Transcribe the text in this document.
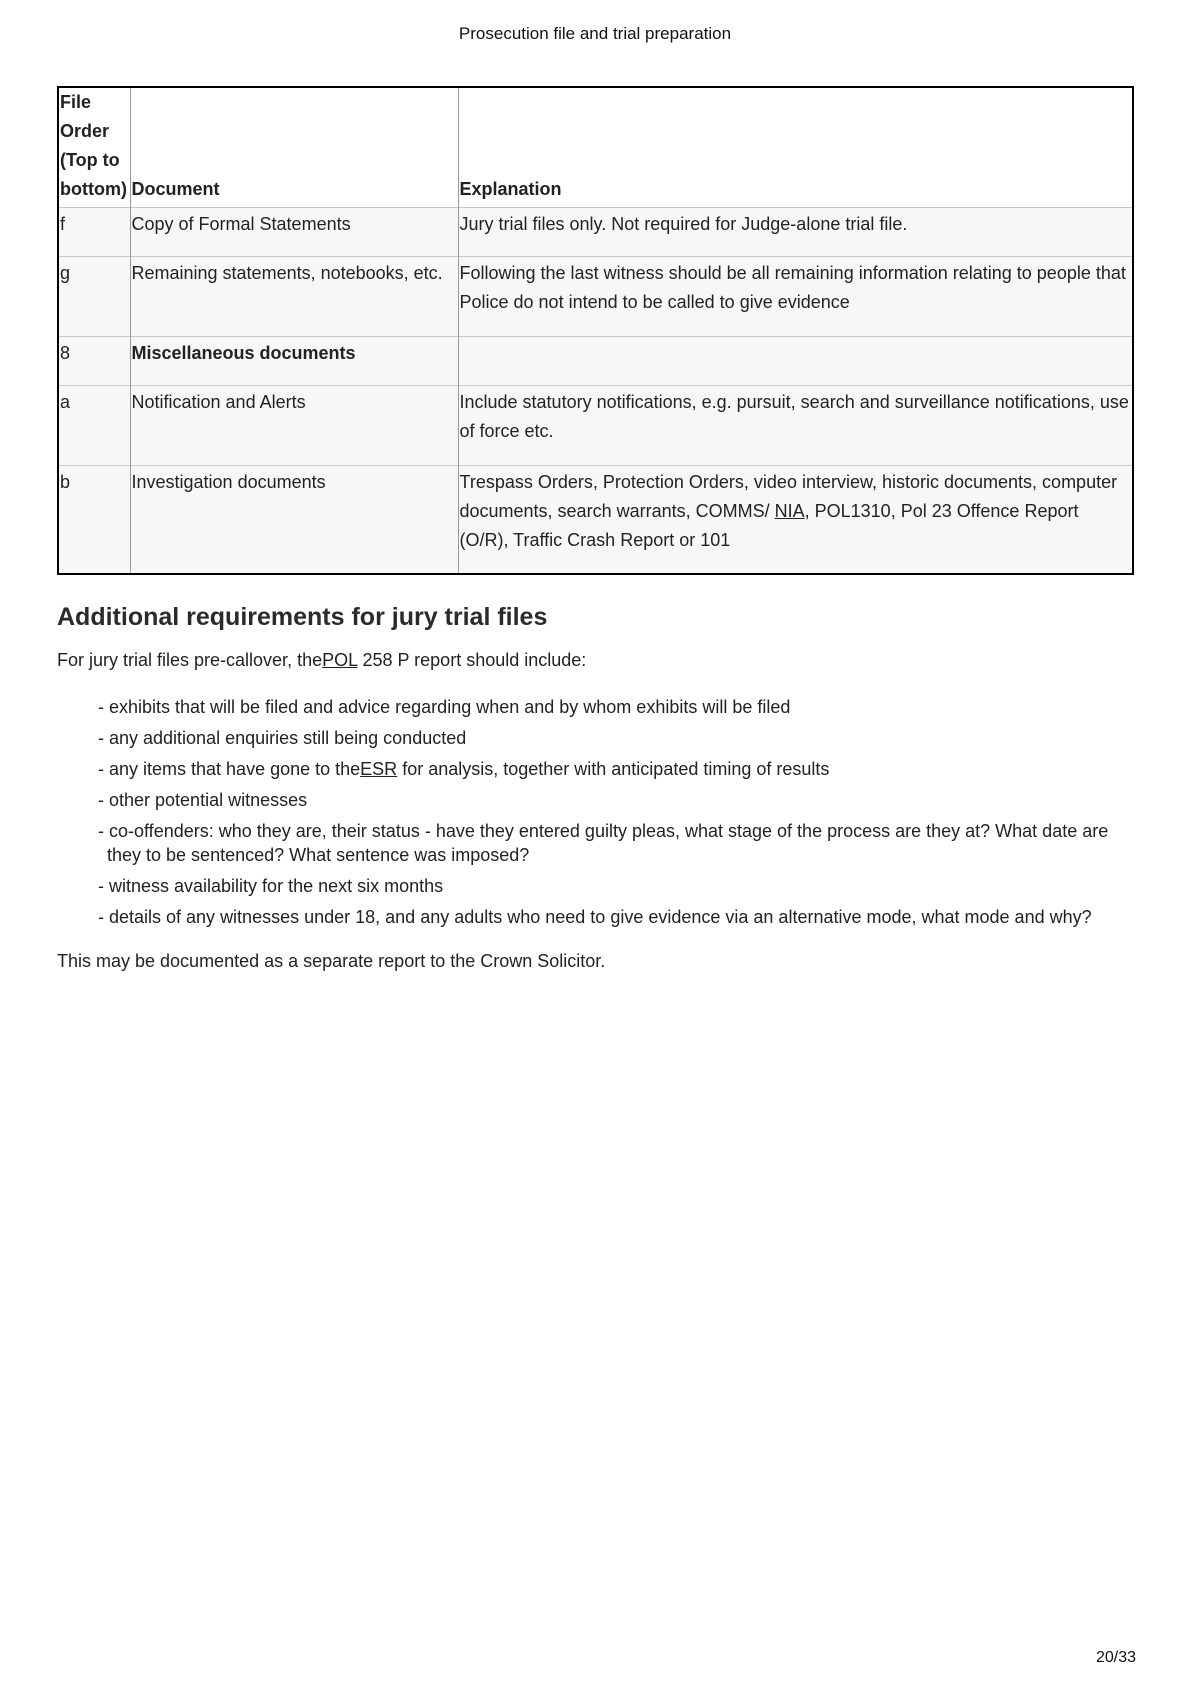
Prosecution file and trial preparation
File Order (Top to bottom)	Document	Explanation
f	Copy of Formal Statements	Jury trial files only. Not required for Judge-alone trial file.
g	Remaining statements, notebooks, etc.	Following the last witness should be all remaining information relating to people that Police do not intend to be called to give evidence
8	Miscellaneous documents	
a	Notification and Alerts	Include statutory notifications, e.g. pursuit, search and surveillance notifications, use of force etc.
b	Investigation documents	Trespass Orders, Protection Orders, video interview, historic documents, computer documents, search warrants, COMMS/ NIA, POL1310, Pol 23 Offence Report (O/R), Traffic Crash Report or 101
Additional requirements for jury trial files
For jury trial files pre-callover, thePOL 258 P report should include:
- exhibits that will be filed and advice regarding when and by whom exhibits will be filed
- any additional enquiries still being conducted
- any items that have gone to theESR for analysis, together with anticipated timing of results
- other potential witnesses
- co-offenders: who they are, their status - have they entered guilty pleas, what stage of the process are they at? What date are they to be sentenced? What sentence was imposed?
- witness availability for the next six months
- details of any witnesses under 18, and any adults who need to give evidence via an alternative mode, what mode and why?
This may be documented as a separate report to the Crown Solicitor.
20/33
